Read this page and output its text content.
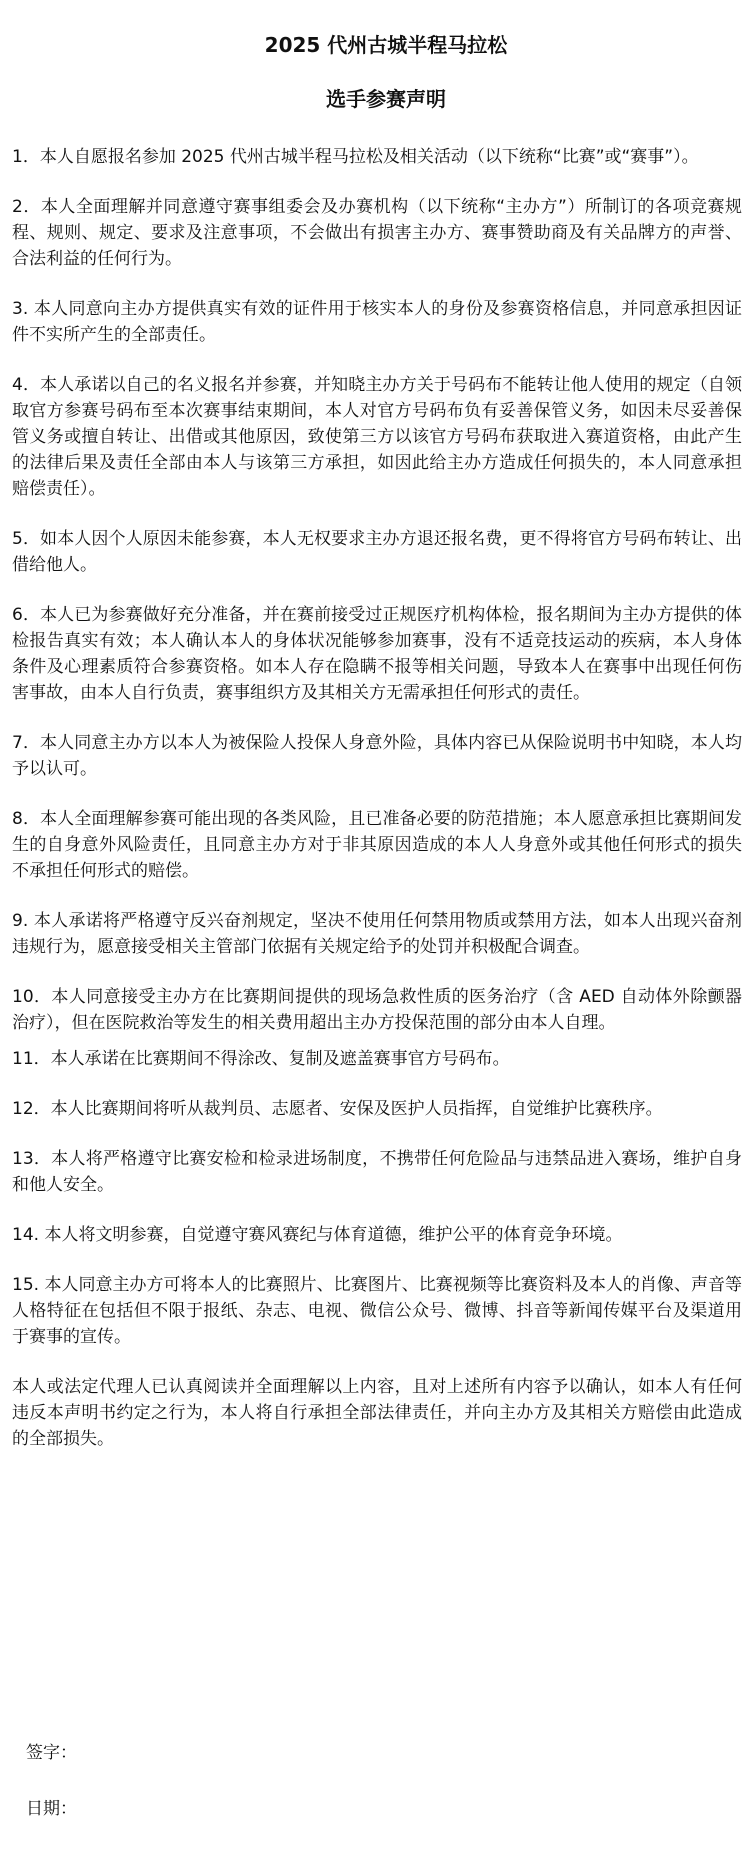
2025 代州古城半程马拉松
选手参赛声明

1．本人自愿报名参加 2025 代州古城半程马拉松及相关活动（以下统称“比赛”或“赛事”）。

2．本人全面理解并同意遵守赛事组委会及办赛机构（以下统称“主办方”）所制订的各项竞赛规程、规则、规定、要求及注意事项，不会做出有损害主办方、赛事赞助商及有关品牌方的声誉、合法利益的任何行为。

3. 本人同意向主办方提供真实有效的证件用于核实本人的身份及参赛资格信息，并同意承担因证件不实所产生的全部责任。

4．本人承诺以自己的名义报名并参赛，并知晓主办方关于号码布不能转让他人使用的规定（自领取官方参赛号码布至本次赛事结束期间，本人对官方号码布负有妥善保管义务，如因未尽妥善保管义务或擅自转让、出借或其他原因，致使第三方以该官方号码布获取进入赛道资格，由此产生的法律后果及责任全部由本人与该第三方承担，如因此给主办方造成任何损失的，本人同意承担赔偿责任）。

5．如本人因个人原因未能参赛，本人无权要求主办方退还报名费，更不得将官方号码布转让、出借给他人。

6．本人已为参赛做好充分准备，并在赛前接受过正规医疗机构体检，报名期间为主办方提供的体检报告真实有效；本人确认本人的身体状况能够参加赛事，没有不适竞技运动的疾病，本人身体条件及心理素质符合参赛资格。如本人存在隐瞒不报等相关问题，导致本人在赛事中出现任何伤害事故，由本人自行负责，赛事组织方及其相关方无需承担任何形式的责任。

7．本人同意主办方以本人为被保险人投保人身意外险，具体内容已从保险说明书中知晓，本人均予以认可。

8．本人全面理解参赛可能出现的各类风险，且已准备必要的防范措施；本人愿意承担比赛期间发生的自身意外风险责任，且同意主办方对于非其原因造成的本人人身意外或其他任何形式的损失不承担任何形式的赔偿。

9. 本人承诺将严格遵守反兴奋剂规定，坚决不使用任何禁用物质或禁用方法，如本人出现兴奋剂违规行为，愿意接受相关主管部门依据有关规定给予的处罚并积极配合调查。

10．本人同意接受主办方在比赛期间提供的现场急救性质的医务治疗（含 AED 自动体外除颤器治疗），但在医院救治等发生的相关费用超出主办方投保范围的部分由本人自理。

11．本人承诺在比赛期间不得涂改、复制及遮盖赛事官方号码布。

12．本人比赛期间将听从裁判员、志愿者、安保及医护人员指挥，自觉维护比赛秩序。

13．本人将严格遵守比赛安检和检录进场制度，不携带任何危险品与违禁品进入赛场，维护自身和他人安全。

14. 本人将文明参赛，自觉遵守赛风赛纪与体育道德，维护公平的体育竞争环境。

15. 本人同意主办方可将本人的比赛照片、比赛图片、比赛视频等比赛资料及本人的肖像、声音等人格特征在包括但不限于报纸、杂志、电视、微信公众号、微博、抖音等新闻传媒平台及渠道用于赛事的宣传。

本人或法定代理人已认真阅读并全面理解以上内容，且对上述所有内容予以确认，如本人有任何违反本声明书约定之行为，本人将自行承担全部法律责任，并向主办方及其相关方赔偿由此造成的全部损失。

签字：
日期：
